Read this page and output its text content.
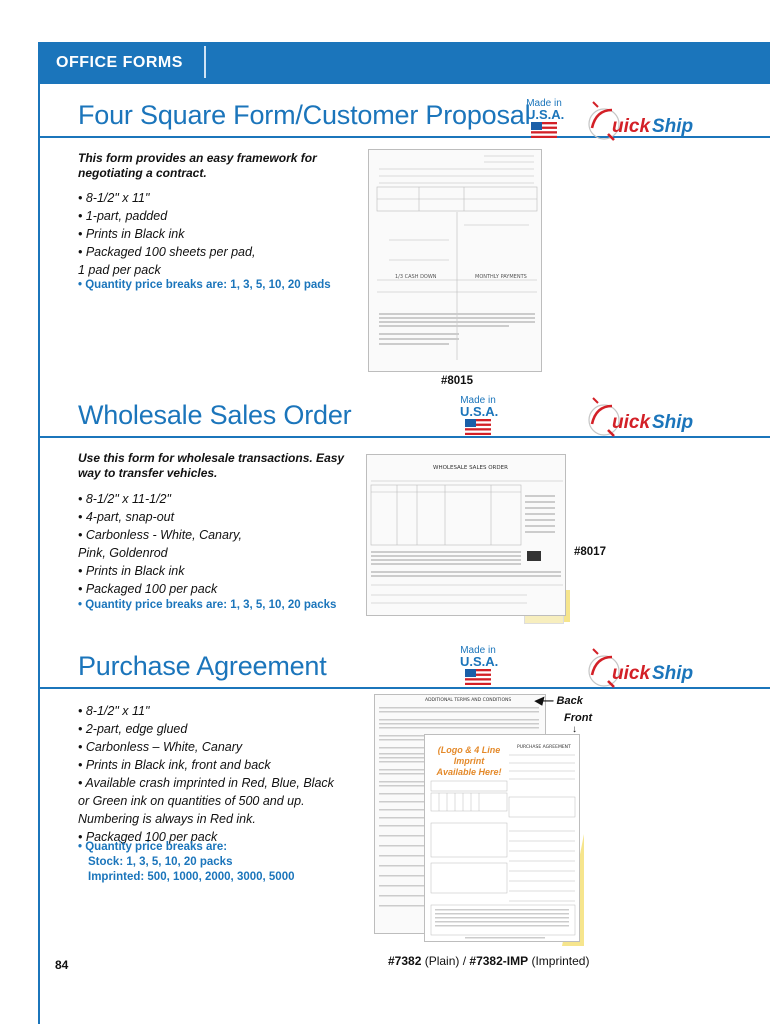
OFFICE FORMS
Four Square Form/Customer Proposal
Made in
U.S.A.
uick Ship
This form provides an easy framework for negotiating a contract.
• 8-1/2" x 11"
• 1-part, padded
• Prints in Black ink
• Packaged 100 sheets per pad,
1 pad per pack
• Quantity price breaks are: 1, 3, 5, 10, 20 pads
1/3 CASH DOWN	MONTHLY PAYMENTS
#8015
Wholesale Sales Order	Made in
U.S.A.
uick Ship
Use this form for wholesale transactions. Easy way to transfer vehicles.
• 8-1/2" x 11-1/2"
• 4-part, snap-out
• Carbonless - White, Canary,
Pink, Goldenrod
• Prints in Black ink
• Packaged 100 per pack
• Quantity price breaks are: 1, 3, 5, 10, 20 packs
WHOLESALE SALES ORDER
#8017
Purchase Agreement
Made in
U.S.A.
uick Ship
• 8-1/2" x 11"
• 2-part, edge glued
• Carbonless – White, Canary
• Prints in Black ink, front and back
• Available crash imprinted in Red, Blue, Black
or Green ink on quantities of 500 and up.
Numbering is always in Red ink.
• Packaged 100 per pack
• Quantity price breaks are:
Stock: 1, 3, 5, 10, 20 packs
Imprinted: 500, 1000, 2000, 3000, 5000
ADDITIONAL TERMS AND CONDITIONS
PURCHASE AGREEMENT
(Logo & 4 Line Imprint
Available Here!
◀— Back
Front
↓
84	#7382 (Plain) / #7382-IMP (Imprinted)
